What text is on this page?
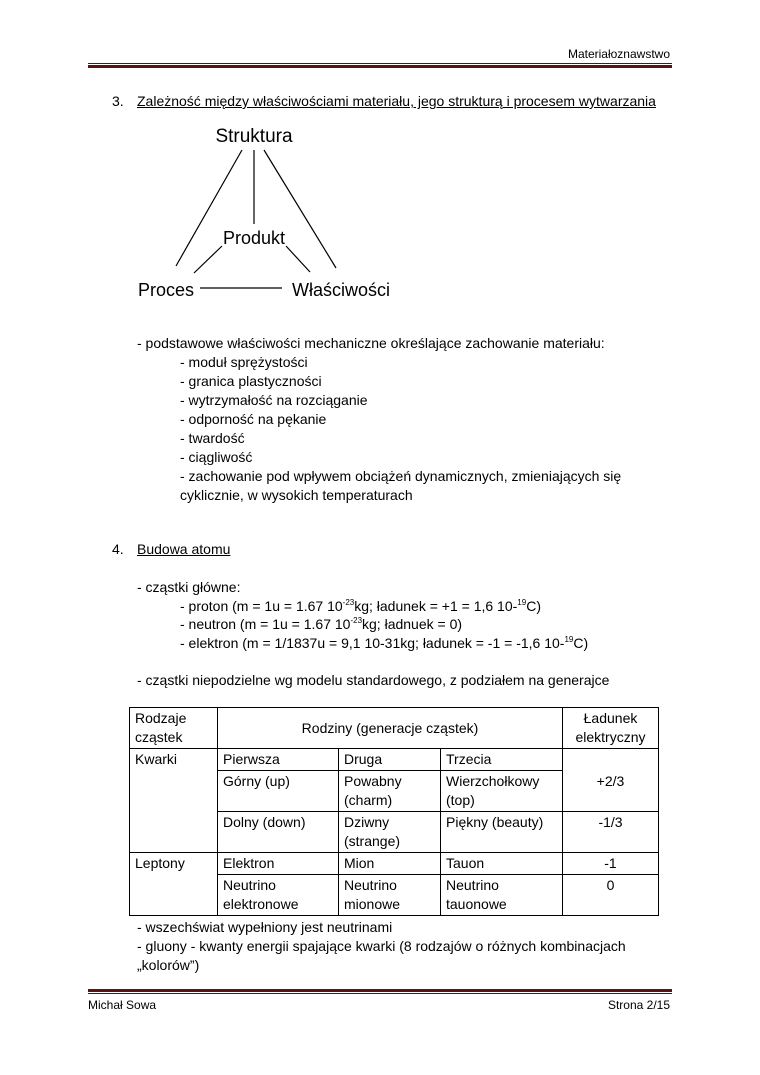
Materiałoznawstwo
3. Zależność między właściwościami materiału, jego strukturą i procesem wytwarzania
Struktura
Produkt
Proces	Właściwości
- podstawowe właściwości mechaniczne określające zachowanie materiału:
- moduł sprężystości
- granica plastyczności
- wytrzymałość na rozciąganie
- odporność na pękanie
- twardość
- ciągliwość
- zachowanie pod wpływem obciążeń dynamicznych, zmieniających się
cyklicznie, w wysokich temperaturach
4. Budowa atomu
- cząstki główne:
- proton (m = 1u = 1.67 $10^{-23}kg$; ładunek = +1 = 1,6 10-$^{19}$C)
- neutron (m = 1u = 1.67 $10^{-23}kg$; ładnuek = 0)
- elektron (m = 1/1837u = 9,1 10-31kg; ładunek = -1 = -1,6 10-$^{19}$C)
- cząstki niepodzielne wg modelu standardowego, z podziałem na generajce
Rodzaje cząstek	Rodziny (generacje cząstek)			Ładunek elektryczny
Kwarki	Pierwsza	Druga	Trzecia	
	Górny (up)	Powabny (charm)	Wierzchołkowy (top)	+2/3
	Dolny (down)	Dziwny (strange)	Piękny (beauty)	-1/3
Leptony	Elektron	Mion	Tauon	-1
	Neutrino elektronowe	Neutrino mionowe	Neutrino tauonowe	0
- wszechświat wypełniony jest neutrinami
- gluony - kwanty energii spajające kwarki (8 rodzajów o różnych kombinacjach
„kolorów”)
Michał Sowa	Strona 2/15
